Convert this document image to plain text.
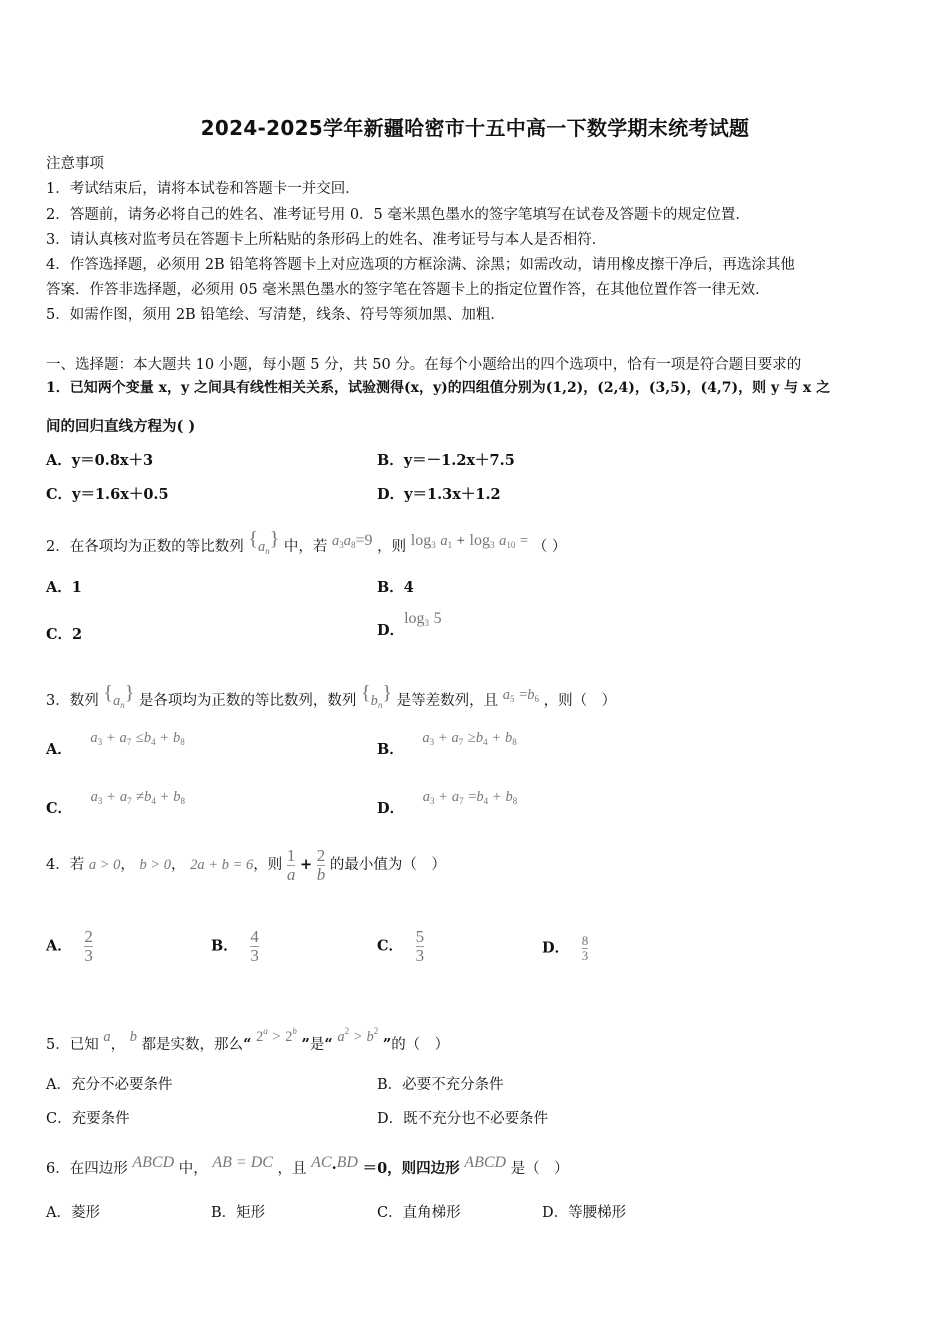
2024-2025学年新疆哈密市十五中高一下数学期末统考试题
注意事项
1．考试结束后，请将本试卷和答题卡一并交回．
2．答题前，请务必将自己的姓名、准考证号用 0．5 毫米黑色墨水的签字笔填写在试卷及答题卡的规定位置．
3．请认真核对监考员在答题卡上所粘贴的条形码上的姓名、准考证号与本人是否相符．
4．作答选择题，必须用 2B 铅笔将答题卡上对应选项的方框涂满、涂黑；如需改动，请用橡皮擦干净后，再选涂其他
答案．作答非选择题，必须用 05 毫米黑色墨水的签字笔在答题卡上的指定位置作答，在其他位置作答一律无效．
5．如需作图，须用 2B 铅笔绘、写清楚，线条、符号等须加黑、加粗．
一、选择题：本大题共 10 小题，每小题 5 分，共 50 分。在每个小题给出的四个选项中，恰有一项是符合题目要求的
1．已知两个变量 x，y 之间具有线性相关关系，试验测得(x，y)的四组值分别为(1,2)，(2,4)，(3,5)，(4,7)，则 y 与 x 之
间的回归直线方程为( )
A．y＝0.8x＋3	B．y＝－1.2x＋7.5
C．y＝1.6x＋0.5	D．y＝1.3x＋1.2
2．在各项均为正数的等比数列 $\{a_n\}$ 中，若 $a_3a_8=9$ ，则 $\log_3 a_1 + \log_3 a_{10}$ = （ ）
A．1	B．4
C．2	D．$\log_3 5$
3．数列 $\{a_n\}$ 是各项均为正数的等比数列，数列 $\{b_n\}$ 是等差数列，且 $a_5 =b_6$ ，则（　）
A． $a_3 + a_7 \le b_4 + b_8$	B． $a_3 + a_7 \ge b_4 + b_8$
C． $a_3 + a_7 \ne b_4 + b_8$	D． $a_3 + a_7 =b_4 + b_8$
4．若 a > 0， b > 0， 2a + b = 6，则 $\frac{1}{a} + \frac{2}{b}$ 的最小值为（　）
A． $\frac{2}{3}$	B． $\frac{4}{3}$	C． $\frac{5}{3}$	D． $\frac{8}{3}$
5．已知 a， b 都是实数，那么“ $2^a > 2^b$ ”是“ $a^2 > b^2$ ”的（　）
A．充分不必要条件	B．必要不充分条件
C．充要条件	D．既不充分也不必要条件
6．在四边形 ABCD 中， AB = DC ，且 AC·BD ＝0，则四边形 ABCD 是（　）
A．菱形	B．矩形	C．直角梯形	D．等腰梯形
